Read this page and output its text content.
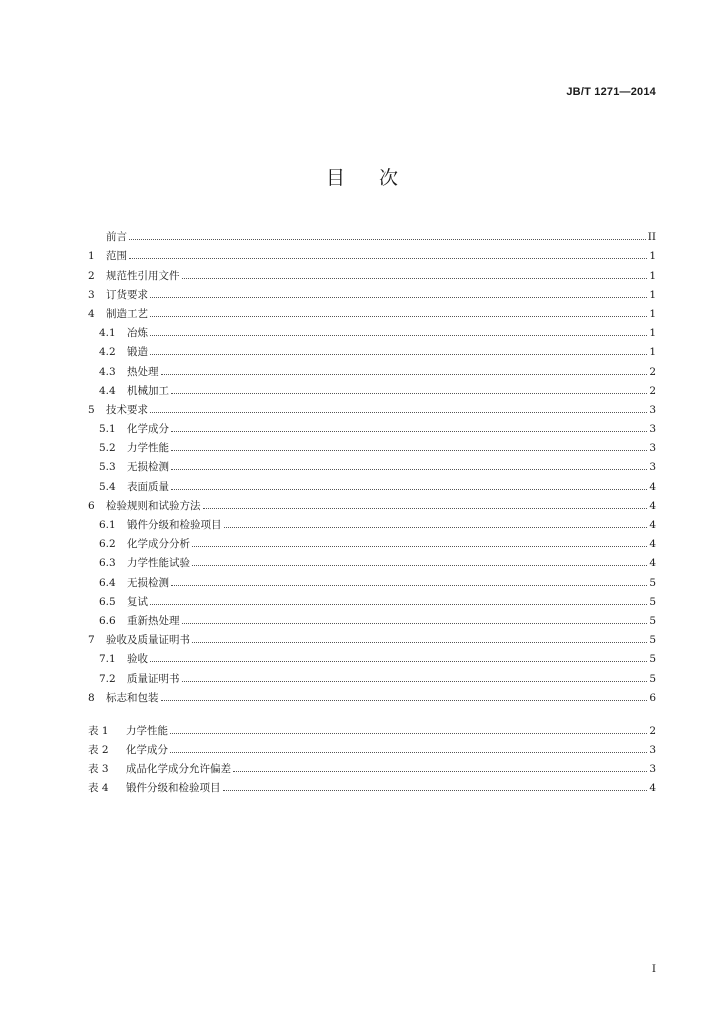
JB/T 1271—2014
目次
前言	II
1	范围	1
2	规范性引用文件	1
3	订货要求	1
4	制造工艺	1
4.1	冶炼	1
4.2	锻造	1
4.3	热处理	2
4.4	机械加工	2
5	技术要求	3
5.1	化学成分	3
5.2	力学性能	3
5.3	无损检测	3
5.4	表面质量	4
6	检验规则和试验方法	4
6.1	锻件分级和检验项目	4
6.2	化学成分分析	4
6.3	力学性能试验	4
6.4	无损检测	5
6.5	复试	5
6.6	重新热处理	5
7	验收及质量证明书	5
7.1	验收	5
7.2	质量证明书	5
8	标志和包装	6
表 1	力学性能	2
表 2	化学成分	3
表 3	成品化学成分允许偏差	3
表 4	锻件分级和检验项目	4
I
